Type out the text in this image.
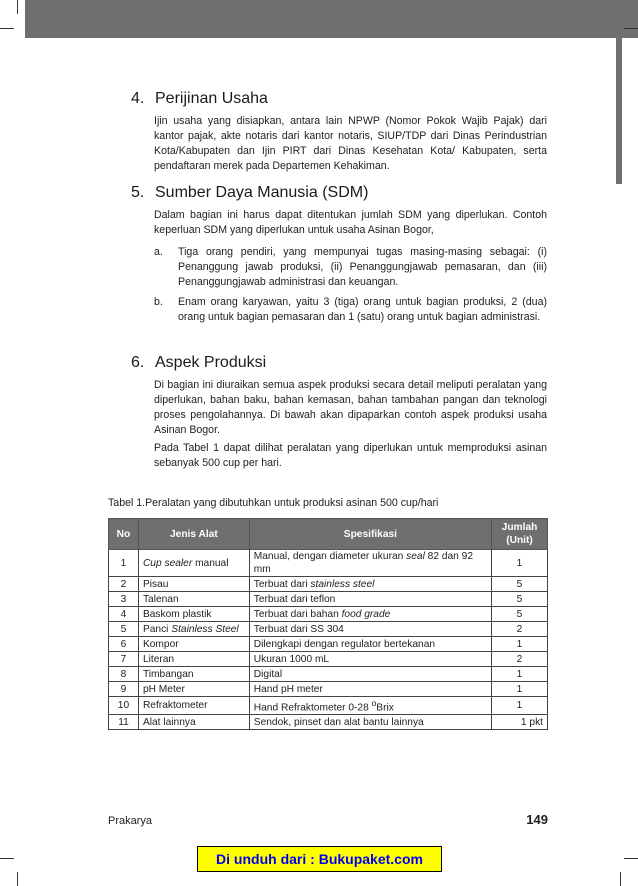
4. Perijinan Usaha
Ijin usaha yang disiapkan, antara lain NPWP (Nomor Pokok Wajib Pajak) dari kantor pajak, akte notaris dari kantor notaris, SIUP/TDP dari Dinas Perindustrian Kota/Kabupaten dan Ijin PIRT dari Dinas Kesehatan Kota/ Kabupaten, serta pendaftaran merek pada Departemen Kehakiman.
5. Sumber Daya Manusia (SDM)
Dalam bagian ini harus dapat ditentukan jumlah SDM yang diperlukan. Contoh keperluan SDM yang diperlukan untuk usaha Asinan Bogor,
a.	Tiga orang pendiri, yang mempunyai tugas masing-masing sebagai: (i) Penanggung jawab produksi, (ii) Penanggungjawab pemasaran, dan (iii) Penanggungjawab administrasi dan keuangan.
b.	Enam orang karyawan, yaitu 3 (tiga) orang untuk bagian produksi, 2 (dua) orang untuk bagian pemasaran dan 1 (satu) orang untuk bagian administrasi.
6. Aspek Produksi
Di bagian ini diuraikan semua aspek produksi secara detail meliputi peralatan yang diperlukan, bahan baku, bahan kemasan, bahan tambahan pangan dan teknologi proses pengolahannya. Di bawah akan dipaparkan contoh aspek produksi usaha Asinan Bogor.
Pada Tabel 1 dapat dilihat peralatan yang diperlukan untuk memproduksi asinan sebanyak 500 cup per hari.
Tabel 1.Peralatan yang dibutuhkan untuk produksi asinan 500 cup/hari
No	Jenis Alat	Spesifikasi	Jumlah (Unit)
1	Cup sealer manual	Manual, dengan diameter ukuran seal 82 dan 92 mm	1
2	Pisau	Terbuat dari stainless steel	5
3	Talenan	Terbuat dari teflon	5
4	Baskom plastik	Terbuat dari bahan food grade	5
5	Panci Stainless Steel	Terbuat dari SS 304	2
6	Kompor	Dilengkapi dengan regulator bertekanan	1
7	Literan	Ukuran 1000 mL	2
8	Timbangan	Digital	1
9	pH Meter	Hand pH meter	1
10	Refraktometer	Hand Refraktometer 0-28 $^o$Brix	1
11	Alat lainnya	Sendok, pinset dan alat bantu lainnya	1 pkt
Prakarya	149
Di unduh dari : Bukupaket.com
